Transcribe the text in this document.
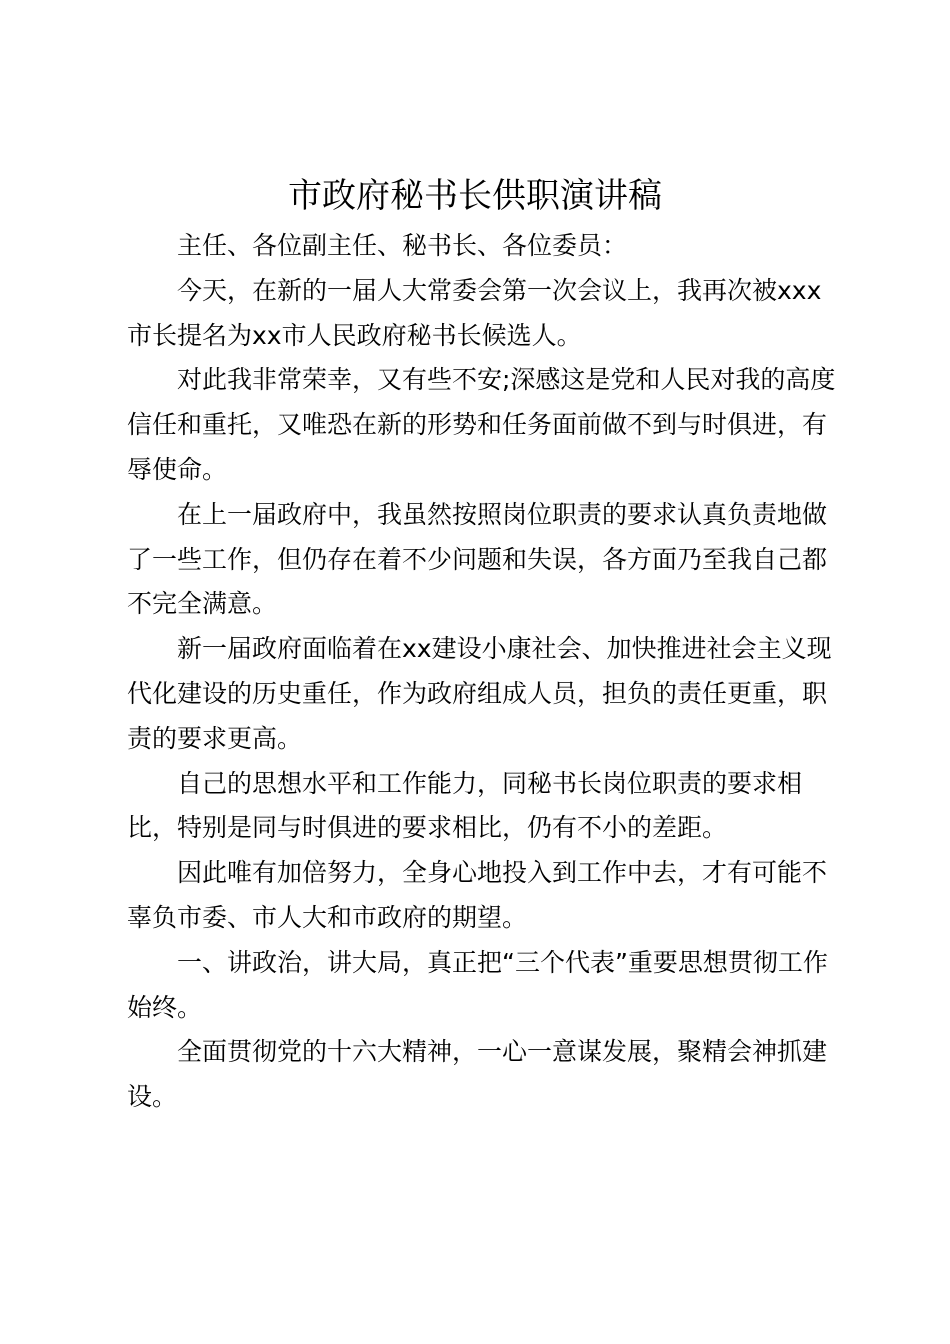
市政府秘书长供职演讲稿

主任、各位副主任、秘书长、各位委员：

今天，在新的一届人大常委会第一次会议上，我再次被xxx市长提名为xx市人民政府秘书长候选人。

对此我非常荣幸，又有些不安;深感这是党和人民对我的高度信任和重托，又唯恐在新的形势和任务面前做不到与时俱进，有辱使命。

在上一届政府中，我虽然按照岗位职责的要求认真负责地做了一些工作，但仍存在着不少问题和失误，各方面乃至我自己都不完全满意。

新一届政府面临着在xx建设小康社会、加快推进社会主义现代化建设的历史重任，作为政府组成人员，担负的责任更重，职责的要求更高。

自己的思想水平和工作能力，同秘书长岗位职责的要求相比，特别是同与时俱进的要求相比，仍有不小的差距。

因此唯有加倍努力，全身心地投入到工作中去，才有可能不辜负市委、市人大和市政府的期望。

一、讲政治，讲大局，真正把“三个代表”重要思想贯彻工作始终。

全面贯彻党的十六大精神，一心一意谋发展，聚精会神抓建设。
